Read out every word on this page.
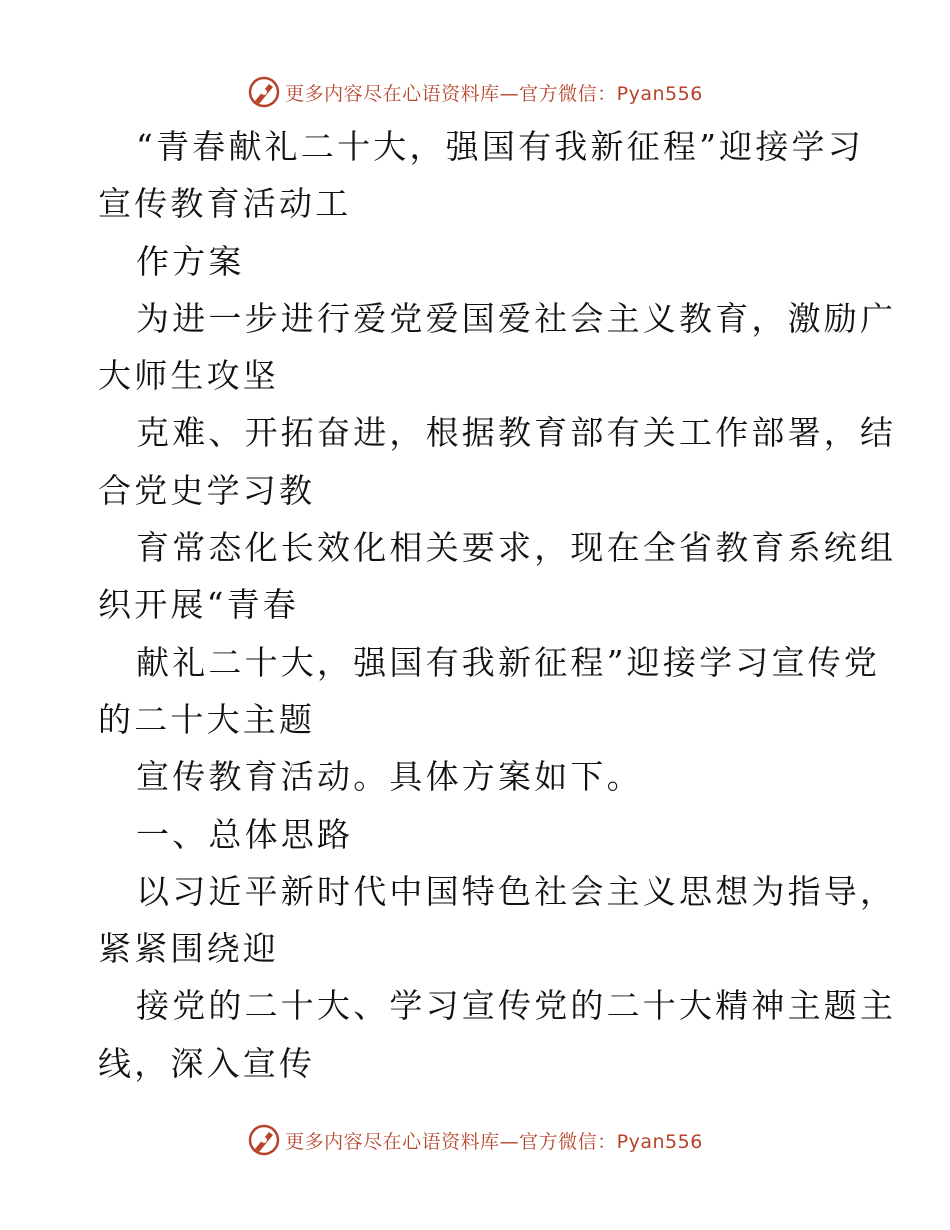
更多内容尽在心语资料库—官方微信：Pyan556
“青春献礼二十大，强国有我新征程”迎接学习
宣传教育活动工
作方案
为进一步进行爱党爱国爱社会主义教育，激励广
大师生攻坚
克难、开拓奋进，根据教育部有关工作部署，结
合党史学习教
育常态化长效化相关要求，现在全省教育系统组
织开展“青春
献礼二十大，强国有我新征程”迎接学习宣传党
的二十大主题
宣传教育活动。具体方案如下。
一、总体思路
以习近平新时代中国特色社会主义思想为指导，
紧紧围绕迎
接党的二十大、学习宣传党的二十大精神主题主
线，深入宣传
更多内容尽在心语资料库—官方微信：Pyan556
